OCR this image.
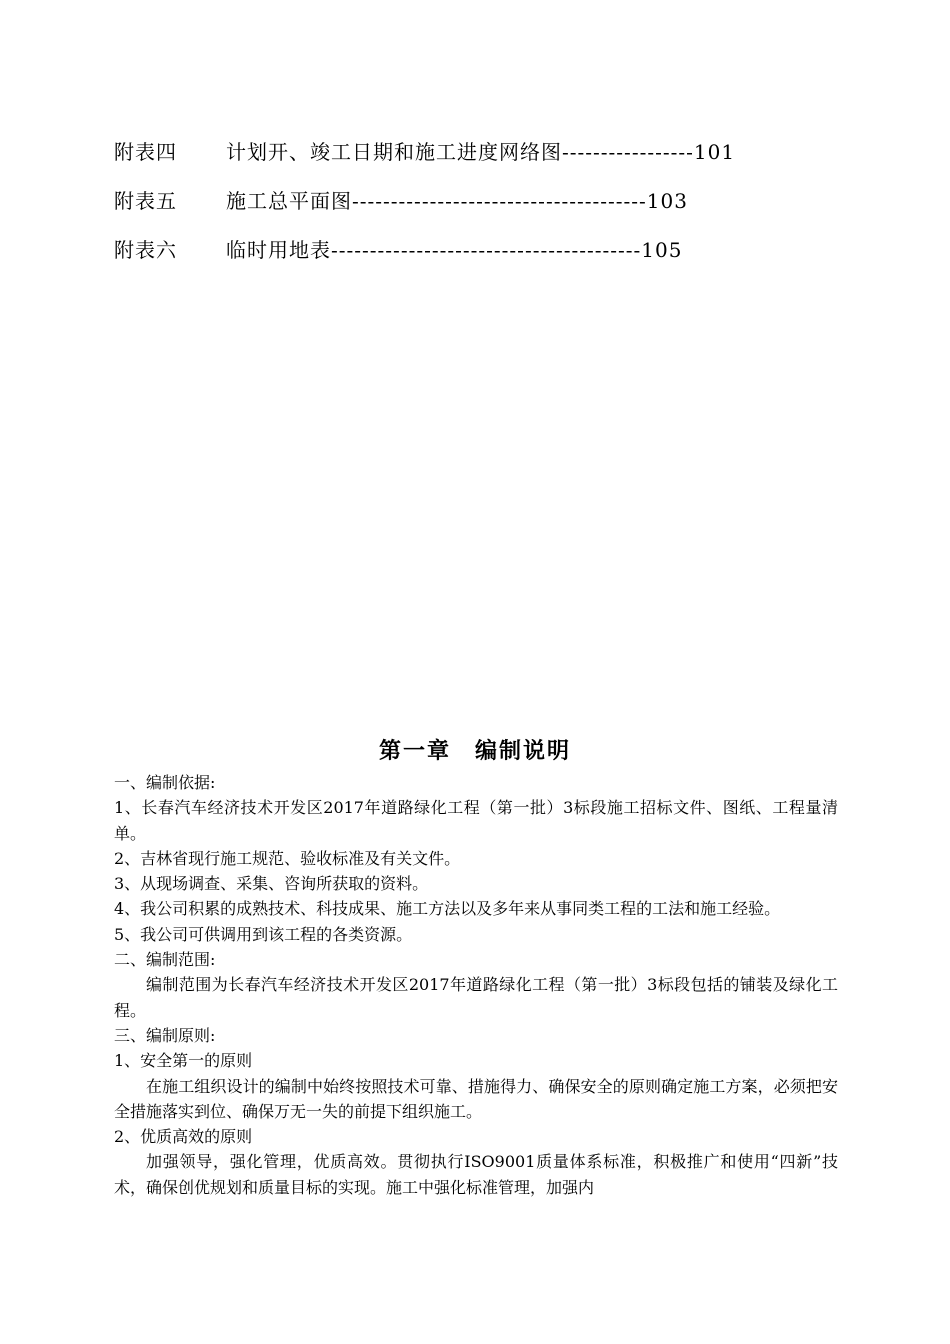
附表四 计划开、竣工日期和施工进度网络图-----------------101
附表五 施工总平面图--------------------------------------103
附表六 临时用地表----------------------------------------105
第一章　编制说明

一、编制依据:

1、长春汽车经济技术开发区2017年道路绿化工程（第一批）3标段施工招标文件、图纸、工程量清单。

2、吉林省现行施工规范、验收标准及有关文件。

3、从现场调查、采集、咨询所获取的资料。

4、我公司积累的成熟技术、科技成果、施工方法以及多年来从事同类工程的工法和施工经验。

5、我公司可供调用到该工程的各类资源。

二、编制范围:

编制范围为长春汽车经济技术开发区2017年道路绿化工程（第一批）3标段包括的铺装及绿化工程。

三、编制原则:

1、安全第一的原则

在施工组织设计的编制中始终按照技术可靠、措施得力、确保安全的原则确定施工方案，必须把安全措施落实到位、确保万无一失的前提下组织施工。

2、优质高效的原则

加强领导，强化管理，优质高效。贯彻执行ISO9001质量体系标准，积极推广和使用“四新”技术，确保创优规划和质量目标的实现。施工中强化标准管理，加强内
